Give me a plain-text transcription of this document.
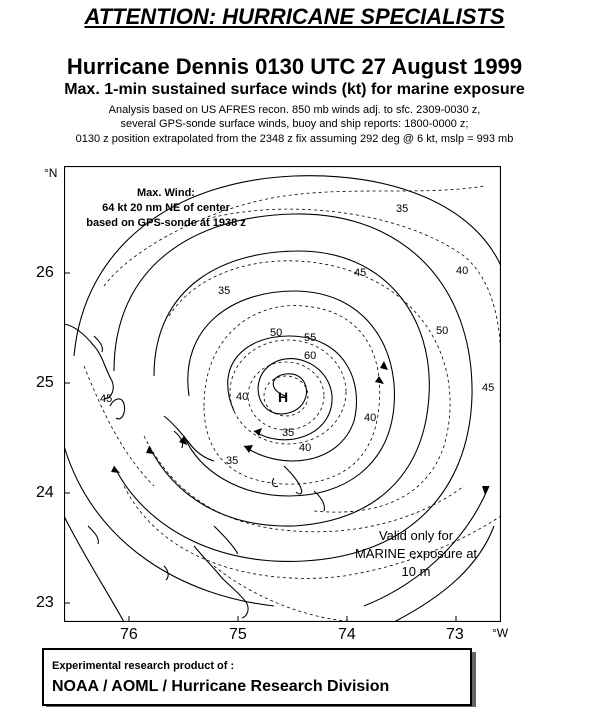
ATTENTION: HURRICANE SPECIALISTS
Hurricane Dennis 0130 UTC 27 August 1999
Max. 1-min sustained surface winds (kt) for marine exposure
Analysis based on US AFRES recon. 850 mb winds adj. to sfc. 2309-0030 z,
several GPS-sonde surface winds, buoy and ship reports: 1800-0000 z;
0130 z position extrapolated from the 2348 z fix assuming 292 deg @ 6 kt, mslp = 993 mb
°N
26
25
24
23
76	75	74	73 °W
H
35
40
45
50
55
60
35
40
50
35
40
45
35
40
45
Max. Wind:
64 kt 20 nm NE of center
based on GPS-sonde at 1938 z
Valid only for
MARINE exposure at
10 m
Experimental research product of :
NOAA / AOML / Hurricane Research Division
